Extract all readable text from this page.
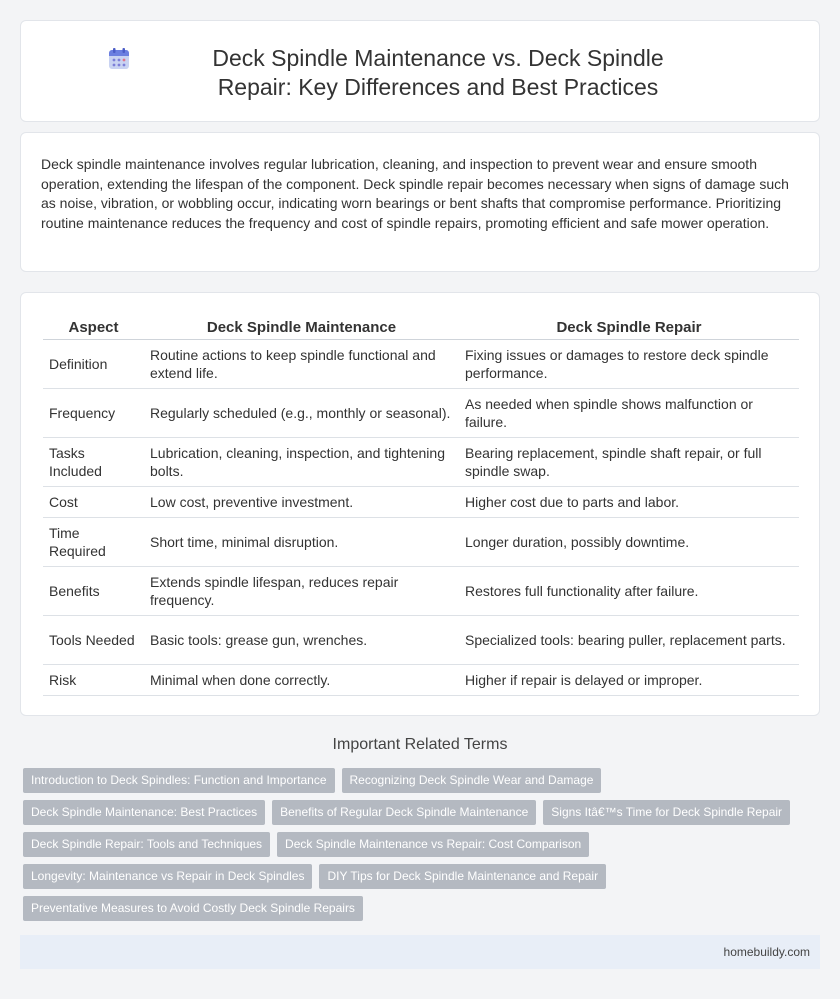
Deck Spindle Maintenance vs. Deck Spindle Repair: Key Differences and Best Practices

Deck spindle maintenance involves regular lubrication, cleaning, and inspection to prevent wear and ensure smooth operation, extending the lifespan of the component. Deck spindle repair becomes necessary when signs of damage such as noise, vibration, or wobbling occur, indicating worn bearings or bent shafts that compromise performance. Prioritizing routine maintenance reduces the frequency and cost of spindle repairs, promoting efficient and safe mower operation.

Aspect	Deck Spindle Maintenance	Deck Spindle Repair
Definition	Routine actions to keep spindle functional and extend life.	Fixing issues or damages to restore deck spindle performance.
Frequency	Regularly scheduled (e.g., monthly or seasonal).	As needed when spindle shows malfunction or failure.
Tasks Included	Lubrication, cleaning, inspection, and tightening bolts.	Bearing replacement, spindle shaft repair, or full spindle swap.
Cost	Low cost, preventive investment.	Higher cost due to parts and labor.
Time Required	Short time, minimal disruption.	Longer duration, possibly downtime.
Benefits	Extends spindle lifespan, reduces repair frequency.	Restores full functionality after failure.
Tools Needed	Basic tools: grease gun, wrenches.	Specialized tools: bearing puller, replacement parts.
Risk	Minimal when done correctly.	Higher if repair is delayed or improper.
Important Related Terms
Introduction to Deck Spindles: Function and Importance	Recognizing Deck Spindle Wear and Damage
Deck Spindle Maintenance: Best Practices	Benefits of Regular Deck Spindle Maintenance	Signs Itâ€™s Time for Deck Spindle Repair
Deck Spindle Repair: Tools and Techniques	Deck Spindle Maintenance vs Repair: Cost Comparison
Longevity: Maintenance vs Repair in Deck Spindles	DIY Tips for Deck Spindle Maintenance and Repair
Preventative Measures to Avoid Costly Deck Spindle Repairs
homebuildy.com
